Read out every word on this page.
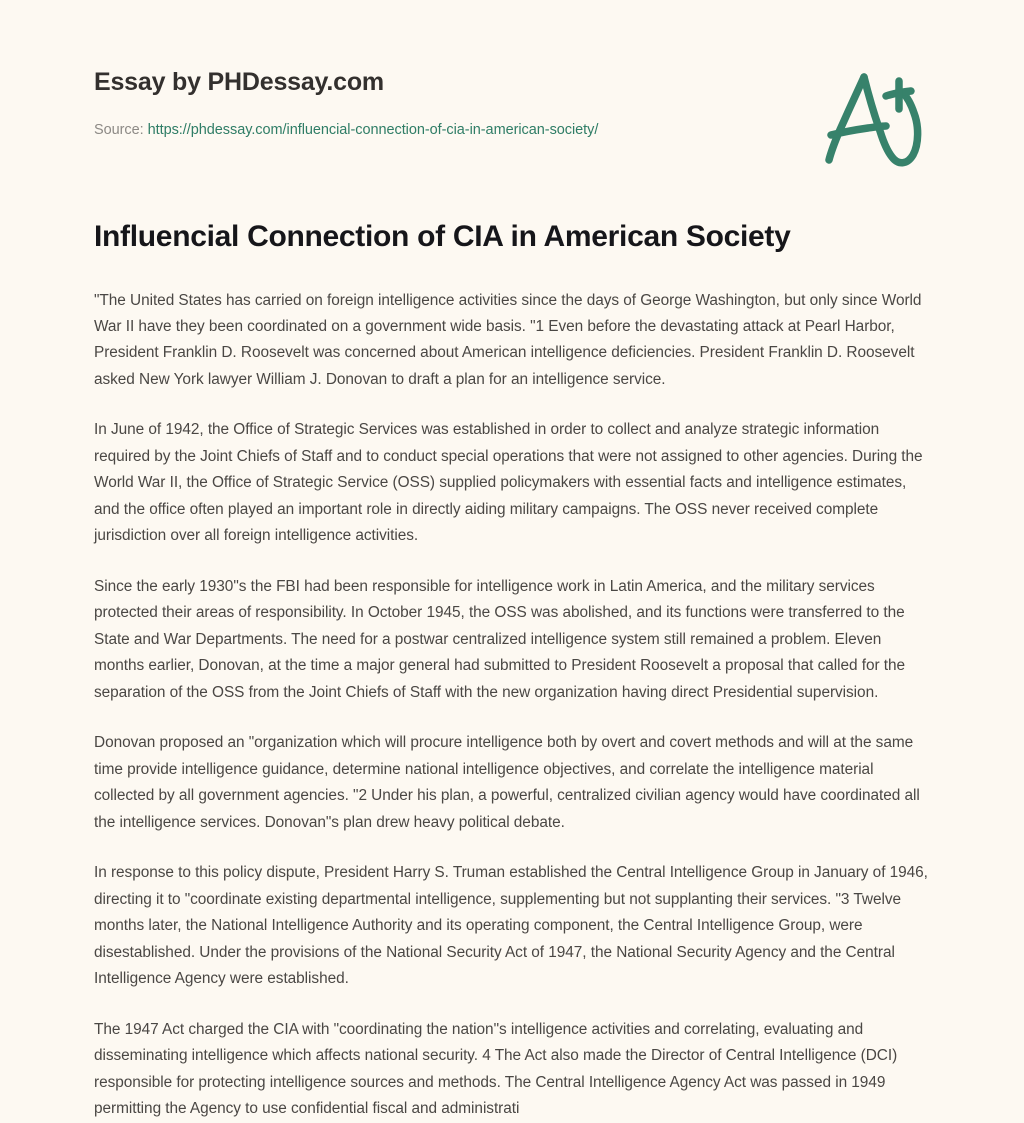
Essay by PHDessay.com
Source: https://phdessay.com/influencial-connection-of-cia-in-american-society/
Influencial Connection of CIA in American Society

"The United States has carried on foreign intelligence activities since the days of George Washington, but only since World War II have they been coordinated on a government wide basis. "1 Even before the devastating attack at Pearl Harbor, President Franklin D. Roosevelt was concerned about American intelligence deficiencies. President Franklin D. Roosevelt asked New York lawyer William J. Donovan to draft a plan for an intelligence service.

In June of 1942, the Office of Strategic Services was established in order to collect and analyze strategic information required by the Joint Chiefs of Staff and to conduct special operations that were not assigned to other agencies. During the World War II, the Office of Strategic Service (OSS) supplied policymakers with essential facts and intelligence estimates, and the office often played an important role in directly aiding military campaigns. The OSS never received complete jurisdiction over all foreign intelligence activities.

Since the early 1930"s the FBI had been responsible for intelligence work in Latin America, and the military services protected their areas of responsibility. In October 1945, the OSS was abolished, and its functions were transferred to the State and War Departments. The need for a postwar centralized intelligence system still remained a problem. Eleven months earlier, Donovan, at the time a major general had submitted to President Roosevelt a proposal that called for the separation of the OSS from the Joint Chiefs of Staff with the new organization having direct Presidential supervision.

Donovan proposed an "organization which will procure intelligence both by overt and covert methods and will at the same time provide intelligence guidance, determine national intelligence objectives, and correlate the intelligence material collected by all government agencies. "2 Under his plan, a powerful, centralized civilian agency would have coordinated all the intelligence services. Donovan"s plan drew heavy political debate.

In response to this policy dispute, President Harry S. Truman established the Central Intelligence Group in January of 1946, directing it to "coordinate existing departmental intelligence, supplementing but not supplanting their services. "3 Twelve months later, the National Intelligence Authority and its operating component, the Central Intelligence Group, were disestablished. Under the provisions of the National Security Act of 1947, the National Security Agency and the Central Intelligence Agency were established.

The 1947 Act charged the CIA with "coordinating the nation"s intelligence activities and correlating, evaluating and disseminating intelligence which affects national security. 4 The Act also made the Director of Central Intelligence (DCI) responsible for protecting intelligence sources and methods. The Central Intelligence Agency Act was passed in 1949 permitting the Agency to use confidential fiscal and administrati
